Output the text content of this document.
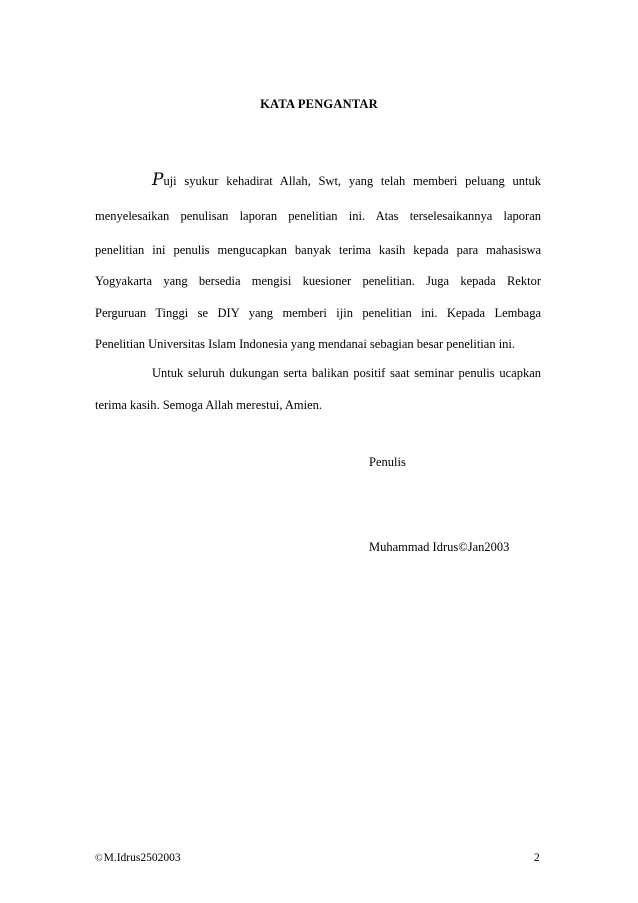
KATA PENGANTAR
Puji syukur kehadirat Allah, Swt, yang telah memberi peluang untuk
menyelesaikan penulisan laporan penelitian ini. Atas terselesaikannya laporan
penelitian ini penulis mengucapkan banyak terima kasih kepada para mahasiswa
Yogyakarta yang bersedia mengisi kuesioner penelitian. Juga kepada Rektor
Perguruan Tinggi se DIY yang memberi ijin penelitian ini. Kepada Lembaga
Penelitian Universitas Islam Indonesia yang mendanai sebagian besar penelitian ini.
Untuk seluruh dukungan serta balikan positif saat seminar penulis ucapkan
terima kasih. Semoga Allah merestui, Amien.
Penulis
Muhammad Idrus©Jan2003
©M.Idrus2502003	2
